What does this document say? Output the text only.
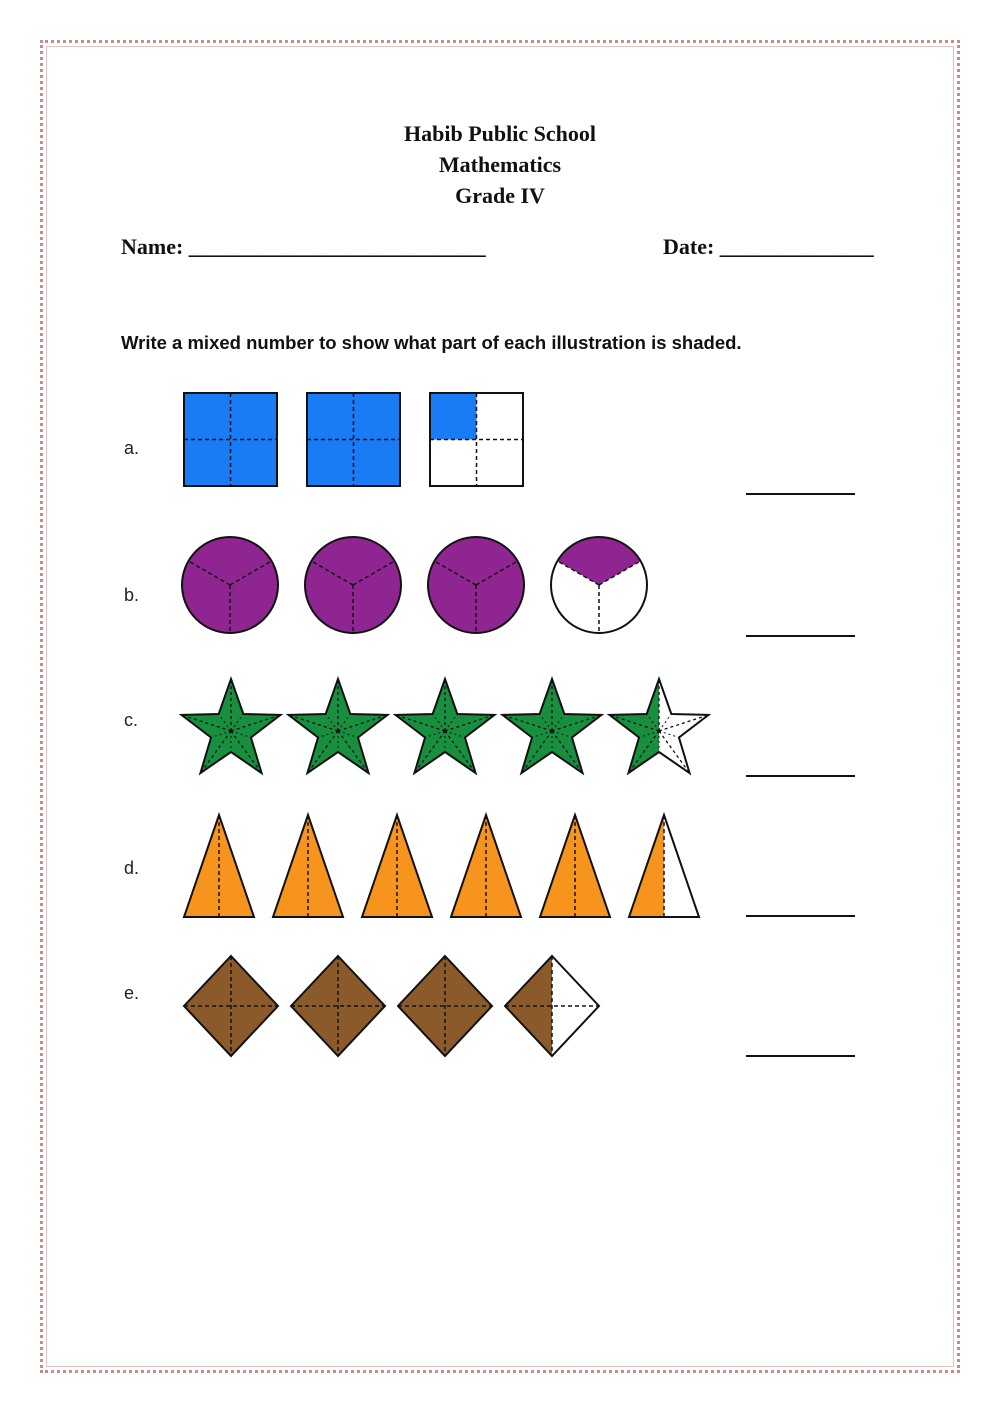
Habib Public School
Mathematics
Grade IV
Name: ___________________________	Date: ______________
Write a mixed number to show what part of each illustration is shaded.
a.
b.
c.
d.
e.
